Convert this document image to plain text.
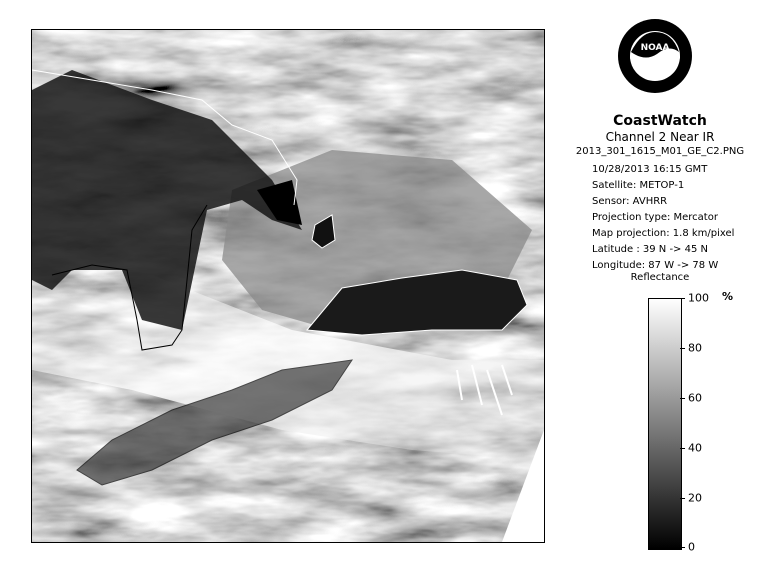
NOAA
CoastWatch
Channel 2 Near IR
2013_301_1615_M01_GE_C2.PNG
10/28/2013 16:15 GMT
Satellite: METOP-1
Sensor: AVHRR
Projection type: Mercator
Map projection: 1.8 km/pixel
Latitude : 39 N -> 45 N
Longitude: 87 W -> 78 W
Reflectance
%
100
80
60
40
20
0
